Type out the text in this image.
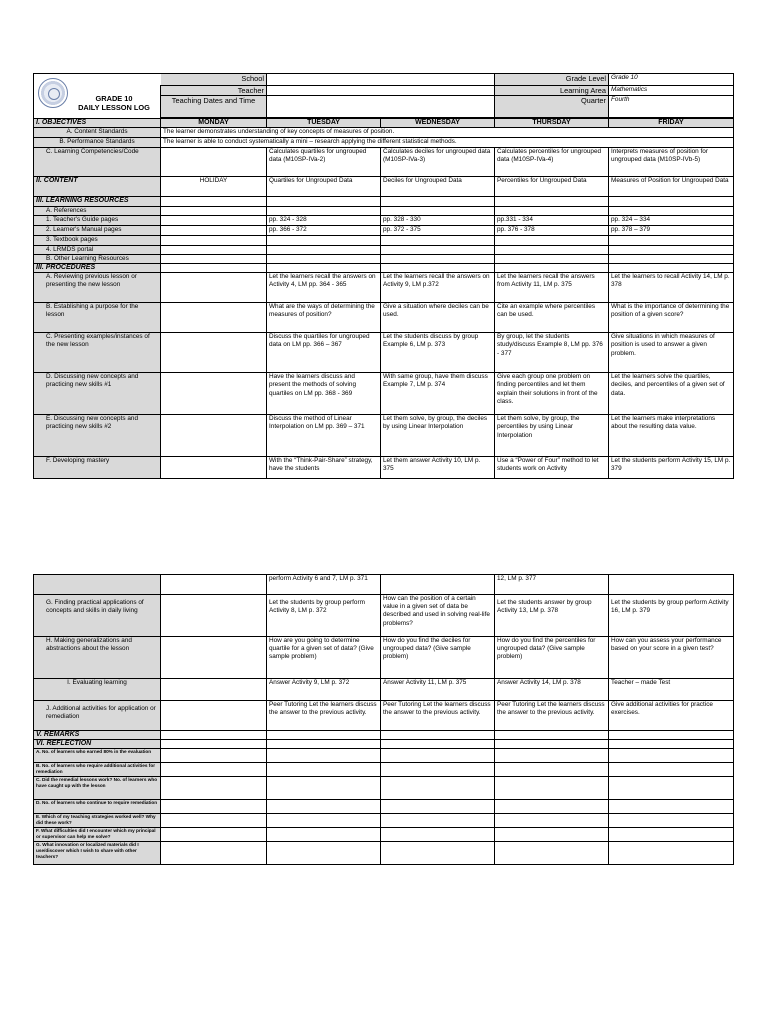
GRADE 10
DAILY LESSON LOG	School			Grade Level	Grade 10
	Teacher			Learning Area	Mathematics
	Teaching Dates and Time			Quarter	Fourth

I. OBJECTIVES	MONDAY	TUESDAY	WEDNESDAY	THURSDAY	FRIDAY
A. Content Standards	The learner demonstrates understanding of key concepts of measures of position.				
B. Performance Standards	The learner is able to conduct systematically a mini – research applying the different statistical methods.				
C. Learning Competencies/Code		Calculates quartiles for ungrouped data (M10SP-IVa-2)	Calculates deciles for ungrouped data (M10SP-IVa-3)	Calculates percentiles for ungrouped data (M10SP-IVa-4)	Interprets measures of position for ungrouped data (M10SP-IVb-5)
II. CONTENT	HOLIDAY	Quartiles for Ungrouped Data	Deciles for Ungrouped Data	Percentiles for Ungrouped Data	Measures of Position for Ungrouped Data
III. LEARNING RESOURCES					
A. References					
1. Teacher's Guide pages		pp. 324 - 328	pp. 328 - 330	pp.331 - 334	pp. 324 – 334
2. Learner's Manual pages		pp. 366 - 372	pp. 372 - 375	pp. 376 - 378	pp. 378 – 379
3. Textbook pages					
4. LRMDS portal					
B. Other Learning Resources					
III. PROCEDURES					
A. Reviewing previous lesson or presenting the new lesson		Let the learners recall the answers on Activity 4, LM pp. 364 - 365	Let the learners recall the answers on Activity 9, LM p.372	Let the learners recall the answers from Activity 11, LM p. 375	Let the learners to recall Activity 14, LM p. 378
B. Establishing a purpose for the lesson		What are the ways of determining the measures of position?	Give a situation where deciles can be used.	Cite an example where percentiles can be used.	What is the importance of determining the position of a given score?
C. Presenting examples/instances of the new lesson		Discuss the quartiles for ungrouped data on LM pp. 366 – 367	Let the students discuss by group Example 6, LM p. 373	By group, let the students study/discuss Example 8, LM pp. 376 - 377	Give situations in which measures of position is used to answer a given problem.
D. Discussing new concepts and practicing new skills #1		Have the learners discuss and present the methods of solving quartiles on LM pp. 368 - 369	With same group, have them discuss Example 7, LM p. 374	Give each group one problem on finding percentiles and let them explain their solutions in front of the class.	Let the learners solve the quartiles, deciles, and percentiles of a given set of data.
E. Discussing new concepts and practicing new skills #2		Discuss the method of Linear Interpolation on LM pp. 369 – 371	Let them solve, by group, the deciles by using Linear Interpolation	Let them solve, by group, the percentiles by using Linear Interpolation	Let the learners make interpretations about the resulting data value.
F. Developing mastery		With the “Think-Pair-Share” strategy, have the students	Let them answer Activity 10, LM p. 375	Use a “Power of Four” method to let students work on Activity	Let the students perform Activity 15, LM p. 379
		perform Activity 6 and 7, LM p. 371		12, LM p. 377	
G. Finding practical applications of concepts and skills in daily living		Let the students by group perform Activity 8, LM p. 372	How can the position of a certain value in a given set of data be described and used in solving real-life problems?	Let the students answer by group Activity 13, LM p. 378	Let the students by group perform Activity 16, LM p. 379
H. Making generalizations and abstractions about the lesson		How are you going to determine quartile for a given set of data? (Give sample problem)	How do you find the deciles for ungrouped data? (Give sample problem)	How do you find the percentiles for ungrouped data? (Give sample problem)	How can you assess your performance based on your score in a given test?
I. Evaluating learning		Answer Activity 9, LM p. 372	Answer Activity 11, LM p. 375	Answer Activity 14, LM p. 378	Teacher – made Test
J. Additional activities for application or remediation		Peer Tutoring Let the learners discuss the answer to the previous activity.	Peer Tutoring Let the learners discuss the answer to the previous activity.	Peer Tutoring Let the learners discuss the answer to the previous activity.	Give additional activities for practice exercises.
V. REMARKS					
VI. REFLECTION					
A. No. of learners who earned 80% in the evaluation					
B. No. of learners who require additional activities for remediation					
C. Did the remedial lessons work? No. of learners who have caught up with the lesson					
D. No. of learners who continue to require remediation					
E. Which of my teaching strategies worked well? Why did these work?					
F. What difficulties did I encounter which my principal or supervisor can help me solve?					
G. What innovation or localized materials did I use/discover which I wish to share with other teachers?					
